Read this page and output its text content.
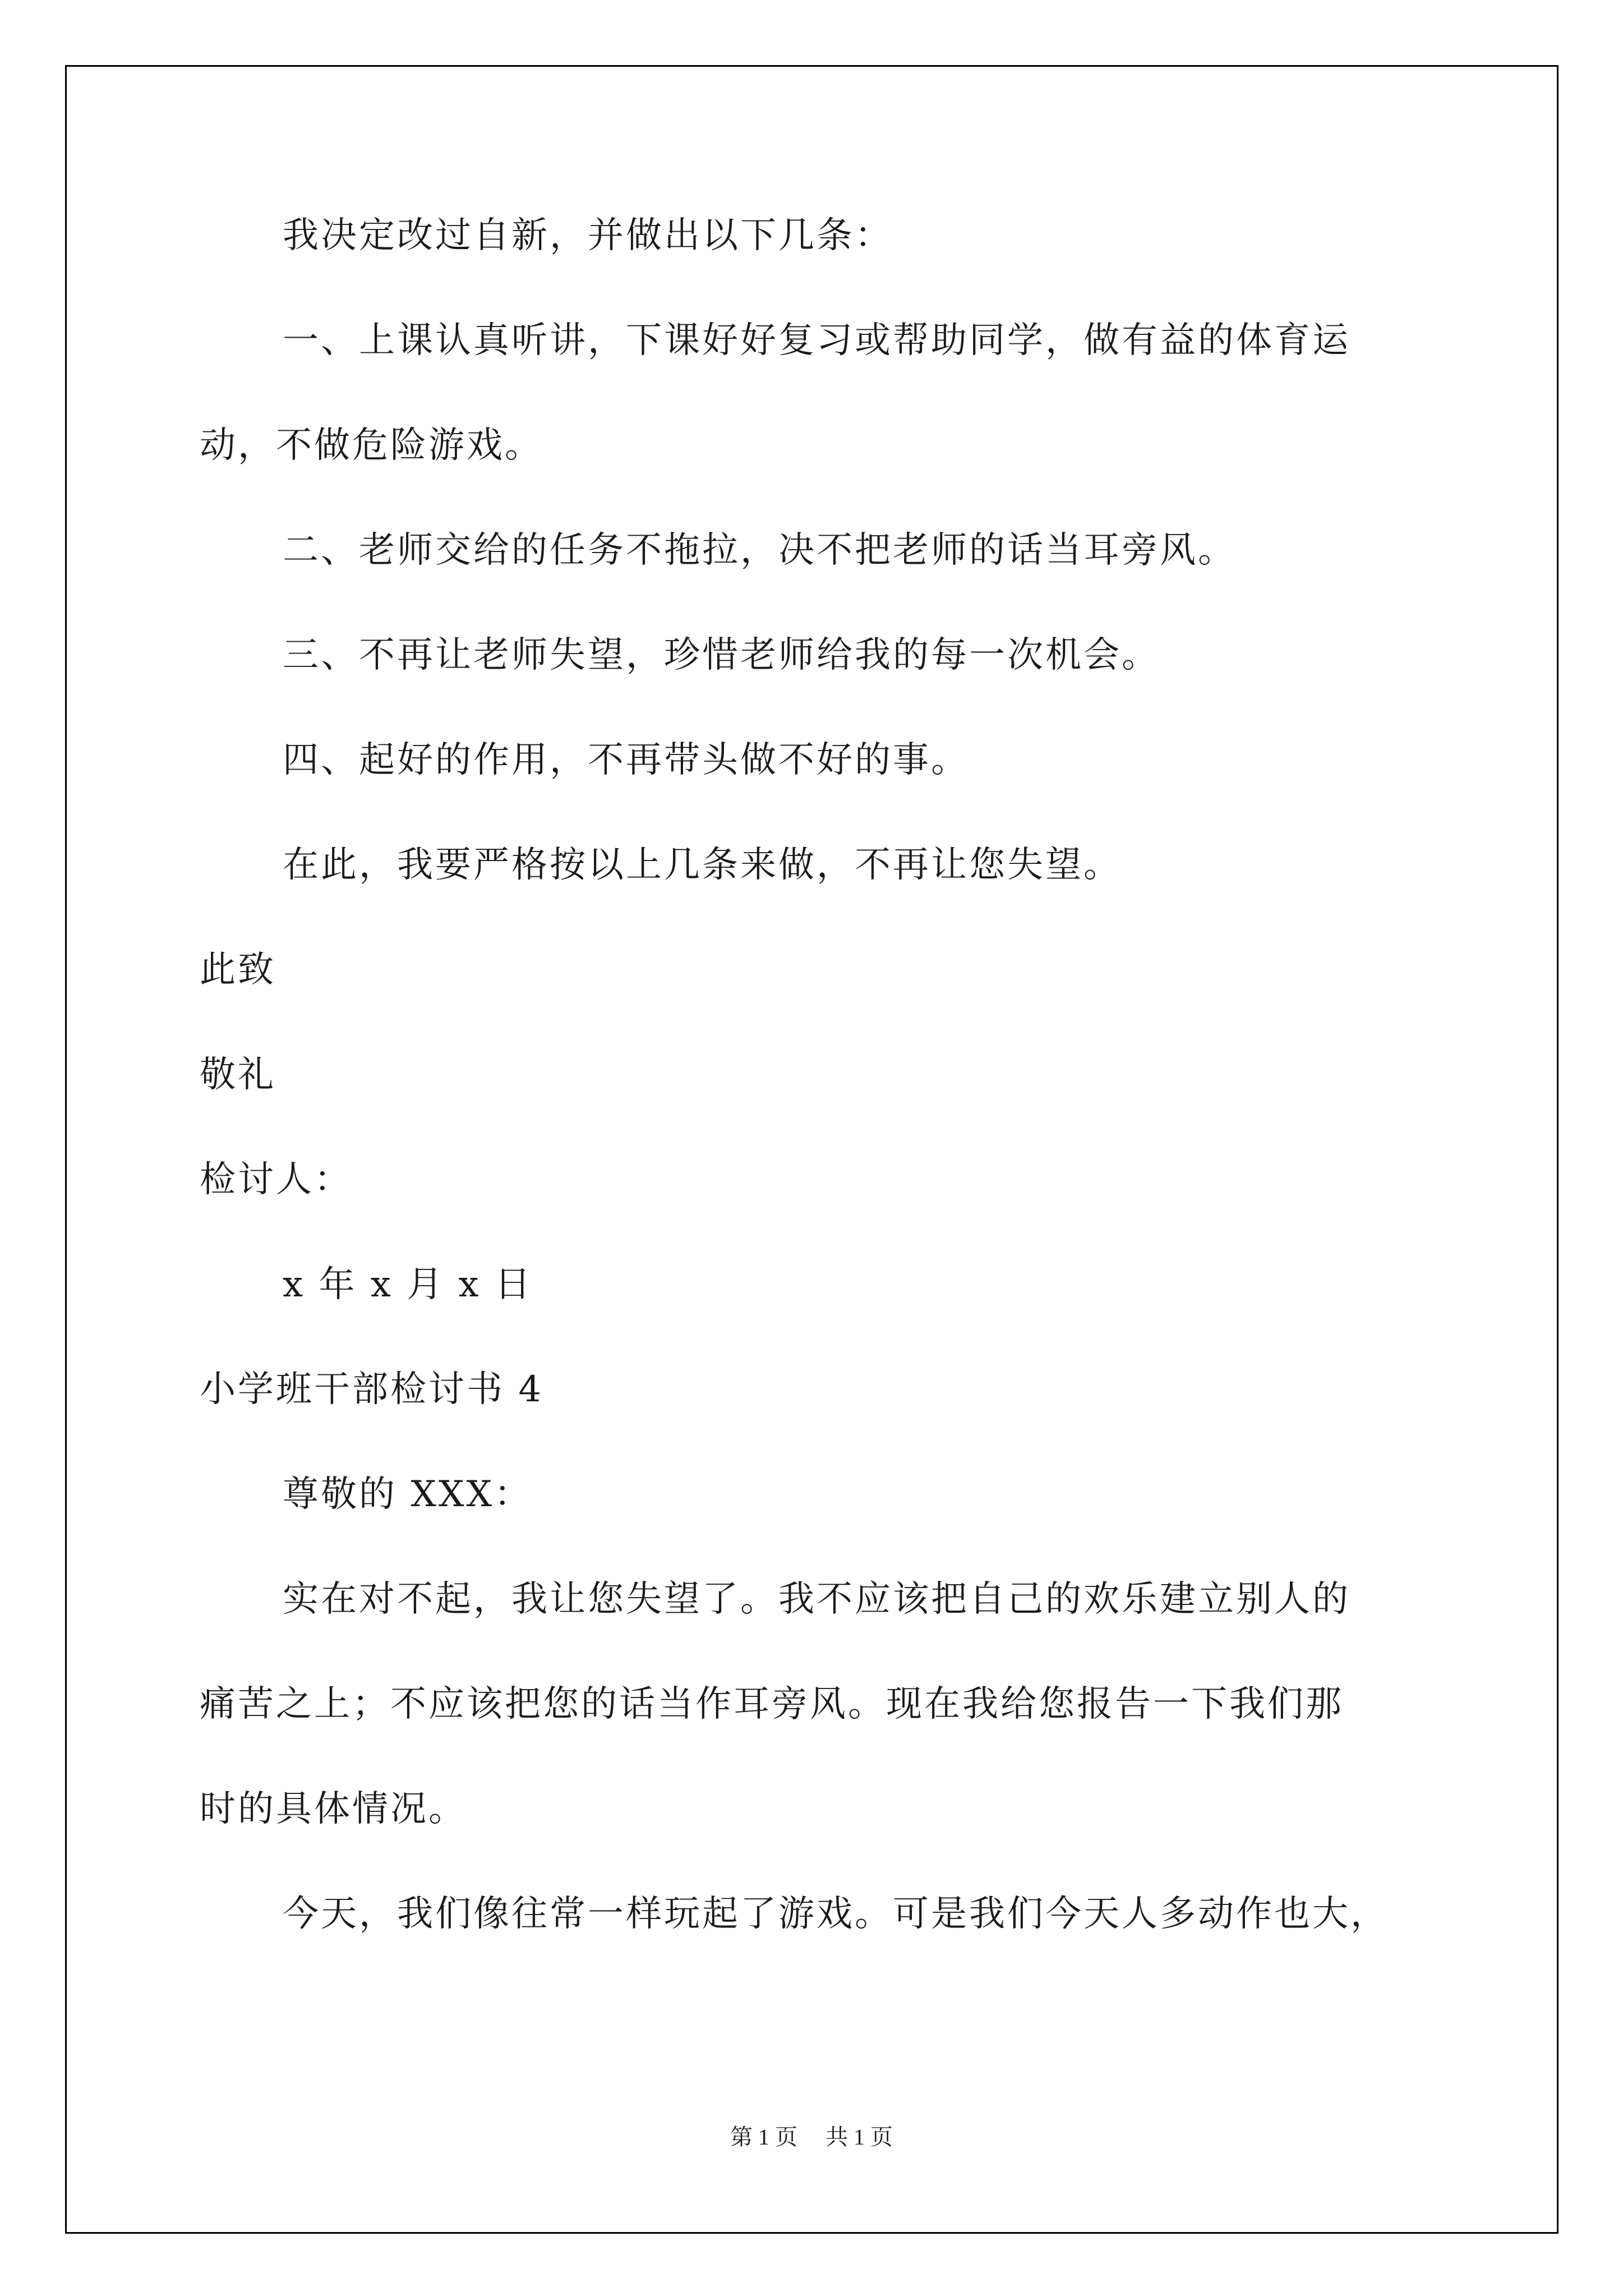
我决定改过自新，并做出以下几条：
一、上课认真听讲，下课好好复习或帮助同学，做有益的体育运
动，不做危险游戏。
二、老师交给的任务不拖拉，决不把老师的话当耳旁风。
三、不再让老师失望，珍惜老师给我的每一次机会。
四、起好的作用，不再带头做不好的事。
在此，我要严格按以上几条来做，不再让您失望。
此致
敬礼
检讨人：
x 年 x 月 x 日
小学班干部检讨书 4
尊敬的 XXX：
实在对不起，我让您失望了。我不应该把自己的欢乐建立别人的
痛苦之上；不应该把您的话当作耳旁风。现在我给您报告一下我们那
时的具体情况。
今天，我们像往常一样玩起了游戏。可是我们今天人多动作也大，
第 1 页 共 1 页
